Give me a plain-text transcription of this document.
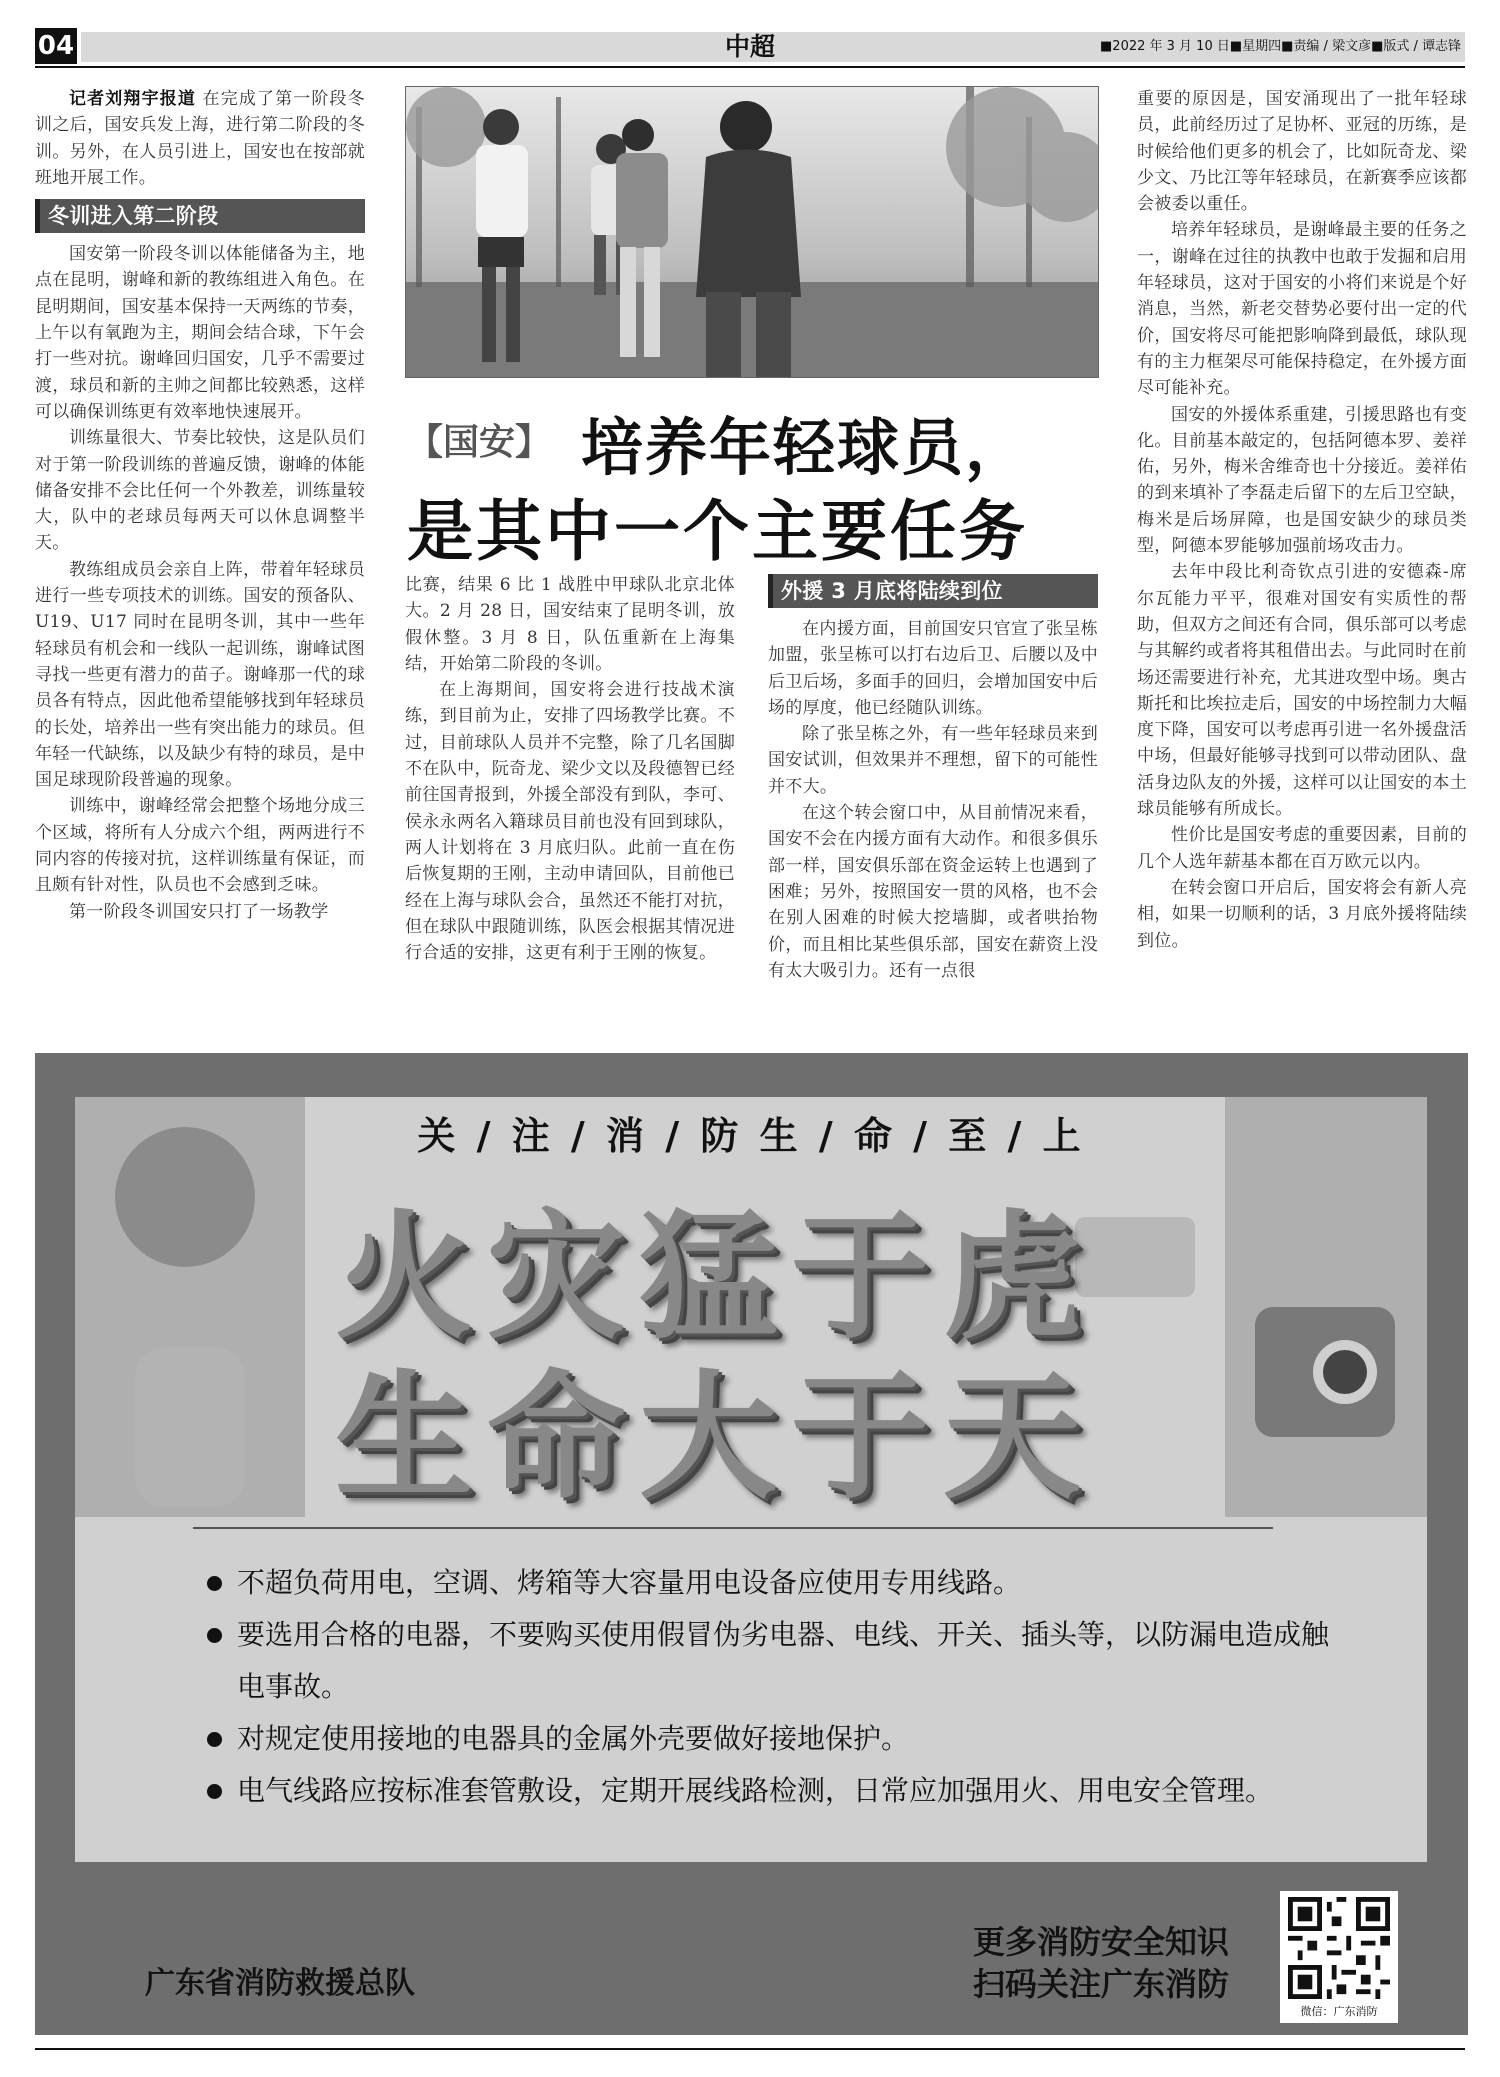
04	中超	■2022 年 3 月 10 日■星期四■责编 / 梁文彦■版式 / 谭志锋

记者刘翔宇报道 在完成了第一阶段冬训之后，国安兵发上海，进行第二阶段的冬训。另外，在人员引进上，国安也在按部就班地开展工作。

冬训进入第二阶段

国安第一阶段冬训以体能储备为主，地点在昆明，谢峰和新的教练组进入角色。在昆明期间，国安基本保持一天两练的节奏，上午以有氧跑为主，期间会结合球，下午会打一些对抗。谢峰回归国安，几乎不需要过渡，球员和新的主帅之间都比较熟悉，这样可以确保训练更有效率地快速展开。

训练量很大、节奏比较快，这是队员们对于第一阶段训练的普遍反馈，谢峰的体能储备安排不会比任何一个外教差，训练量较大，队中的老球员每两天可以休息调整半天。

教练组成员会亲自上阵，带着年轻球员进行一些专项技术的训练。国安的预备队、U19、U17 同时在昆明冬训，其中一些年轻球员有机会和一线队一起训练，谢峰试图寻找一些更有潜力的苗子。谢峰那一代的球员各有特点，因此他希望能够找到年轻球员的长处，培养出一些有突出能力的球员。但年轻一代缺练，以及缺少有特的球员，是中国足球现阶段普遍的现象。

训练中，谢峰经常会把整个场地分成三个区域，将所有人分成六个组，两两进行不同内容的传接对抗，这样训练量有保证，而且颇有针对性，队员也不会感到乏味。

第一阶段冬训国安只打了一场教学

【国安】 培养年轻球员，
是其中一个主要任务

比赛，结果 6 比 1 战胜中甲球队北京北体大。2 月 28 日，国安结束了昆明冬训，放假休整。3 月 8 日，队伍重新在上海集结，开始第二阶段的冬训。

在上海期间，国安将会进行技战术演练，到目前为止，安排了四场教学比赛。不过，目前球队人员并不完整，除了几名国脚不在队中，阮奇龙、梁少文以及段德智已经前往国青报到，外援全部没有到队，李可、侯永永两名入籍球员目前也没有回到球队，两人计划将在 3 月底归队。此前一直在伤后恢复期的王刚，主动申请回队，目前他已经在上海与球队会合，虽然还不能打对抗，但在球队中跟随训练，队医会根据其情况进行合适的安排，这更有利于王刚的恢复。

外援 3 月底将陆续到位

在内援方面，目前国安只官宣了张呈栋加盟，张呈栋可以打右边后卫、后腰以及中后卫后场，多面手的回归，会增加国安中后场的厚度，他已经随队训练。

除了张呈栋之外，有一些年轻球员来到国安试训，但效果并不理想，留下的可能性并不大。

在这个转会窗口中，从目前情况来看，国安不会在内援方面有大动作。和很多俱乐部一样，国安俱乐部在资金运转上也遇到了困难；另外，按照国安一贯的风格，也不会在别人困难的时候大挖墙脚，或者哄抬物价，而且相比某些俱乐部，国安在薪资上没有太大吸引力。还有一点很

重要的原因是，国安涌现出了一批年轻球员，此前经历过了足协杯、亚冠的历练，是时候给他们更多的机会了，比如阮奇龙、梁少文、乃比江等年轻球员，在新赛季应该都会被委以重任。

培养年轻球员，是谢峰最主要的任务之一，谢峰在过往的执教中也敢于发掘和启用年轻球员，这对于国安的小将们来说是个好消息，当然，新老交替势必要付出一定的代价，国安将尽可能把影响降到最低，球队现有的主力框架尽可能保持稳定，在外援方面尽可能补充。

国安的外援体系重建，引援思路也有变化。目前基本敲定的，包括阿德本罗、姜祥佑，另外，梅米舍维奇也十分接近。姜祥佑的到来填补了李磊走后留下的左后卫空缺，梅米是后场屏障，也是国安缺少的球员类型，阿德本罗能够加强前场攻击力。

去年中段比利奇钦点引进的安德森-席尔瓦能力平平，很难对国安有实质性的帮助，但双方之间还有合同，俱乐部可以考虑与其解约或者将其租借出去。与此同时在前场还需要进行补充，尤其进攻型中场。奥古斯托和比埃拉走后，国安的中场控制力大幅度下降，国安可以考虑再引进一名外援盘活中场，但最好能够寻找到可以带动团队、盘活身边队友的外援，这样可以让国安的本土球员能够有所成长。

性价比是国安考虑的重要因素，目前的几个人选年薪基本都在百万欧元以内。

在转会窗口开启后，国安将会有新人亮相，如果一切顺利的话，3 月底外援将陆续到位。

关 / 注 / 消 / 防 生 / 命 / 至 / 上
火灾猛于虎
生命大于天
不超负荷用电，空调、烤箱等大容量用电设备应使用专用线路。
要选用合格的电器，不要购买使用假冒伪劣电器、电线、开关、插头等，以防漏电造成触电事故。
对规定使用接地的电器具的金属外壳要做好接地保护。
电气线路应按标准套管敷设，定期开展线路检测，日常应加强用火、用电安全管理。
广东省消防救援总队
更多消防安全知识
扫码关注广东消防
微信：广东消防
